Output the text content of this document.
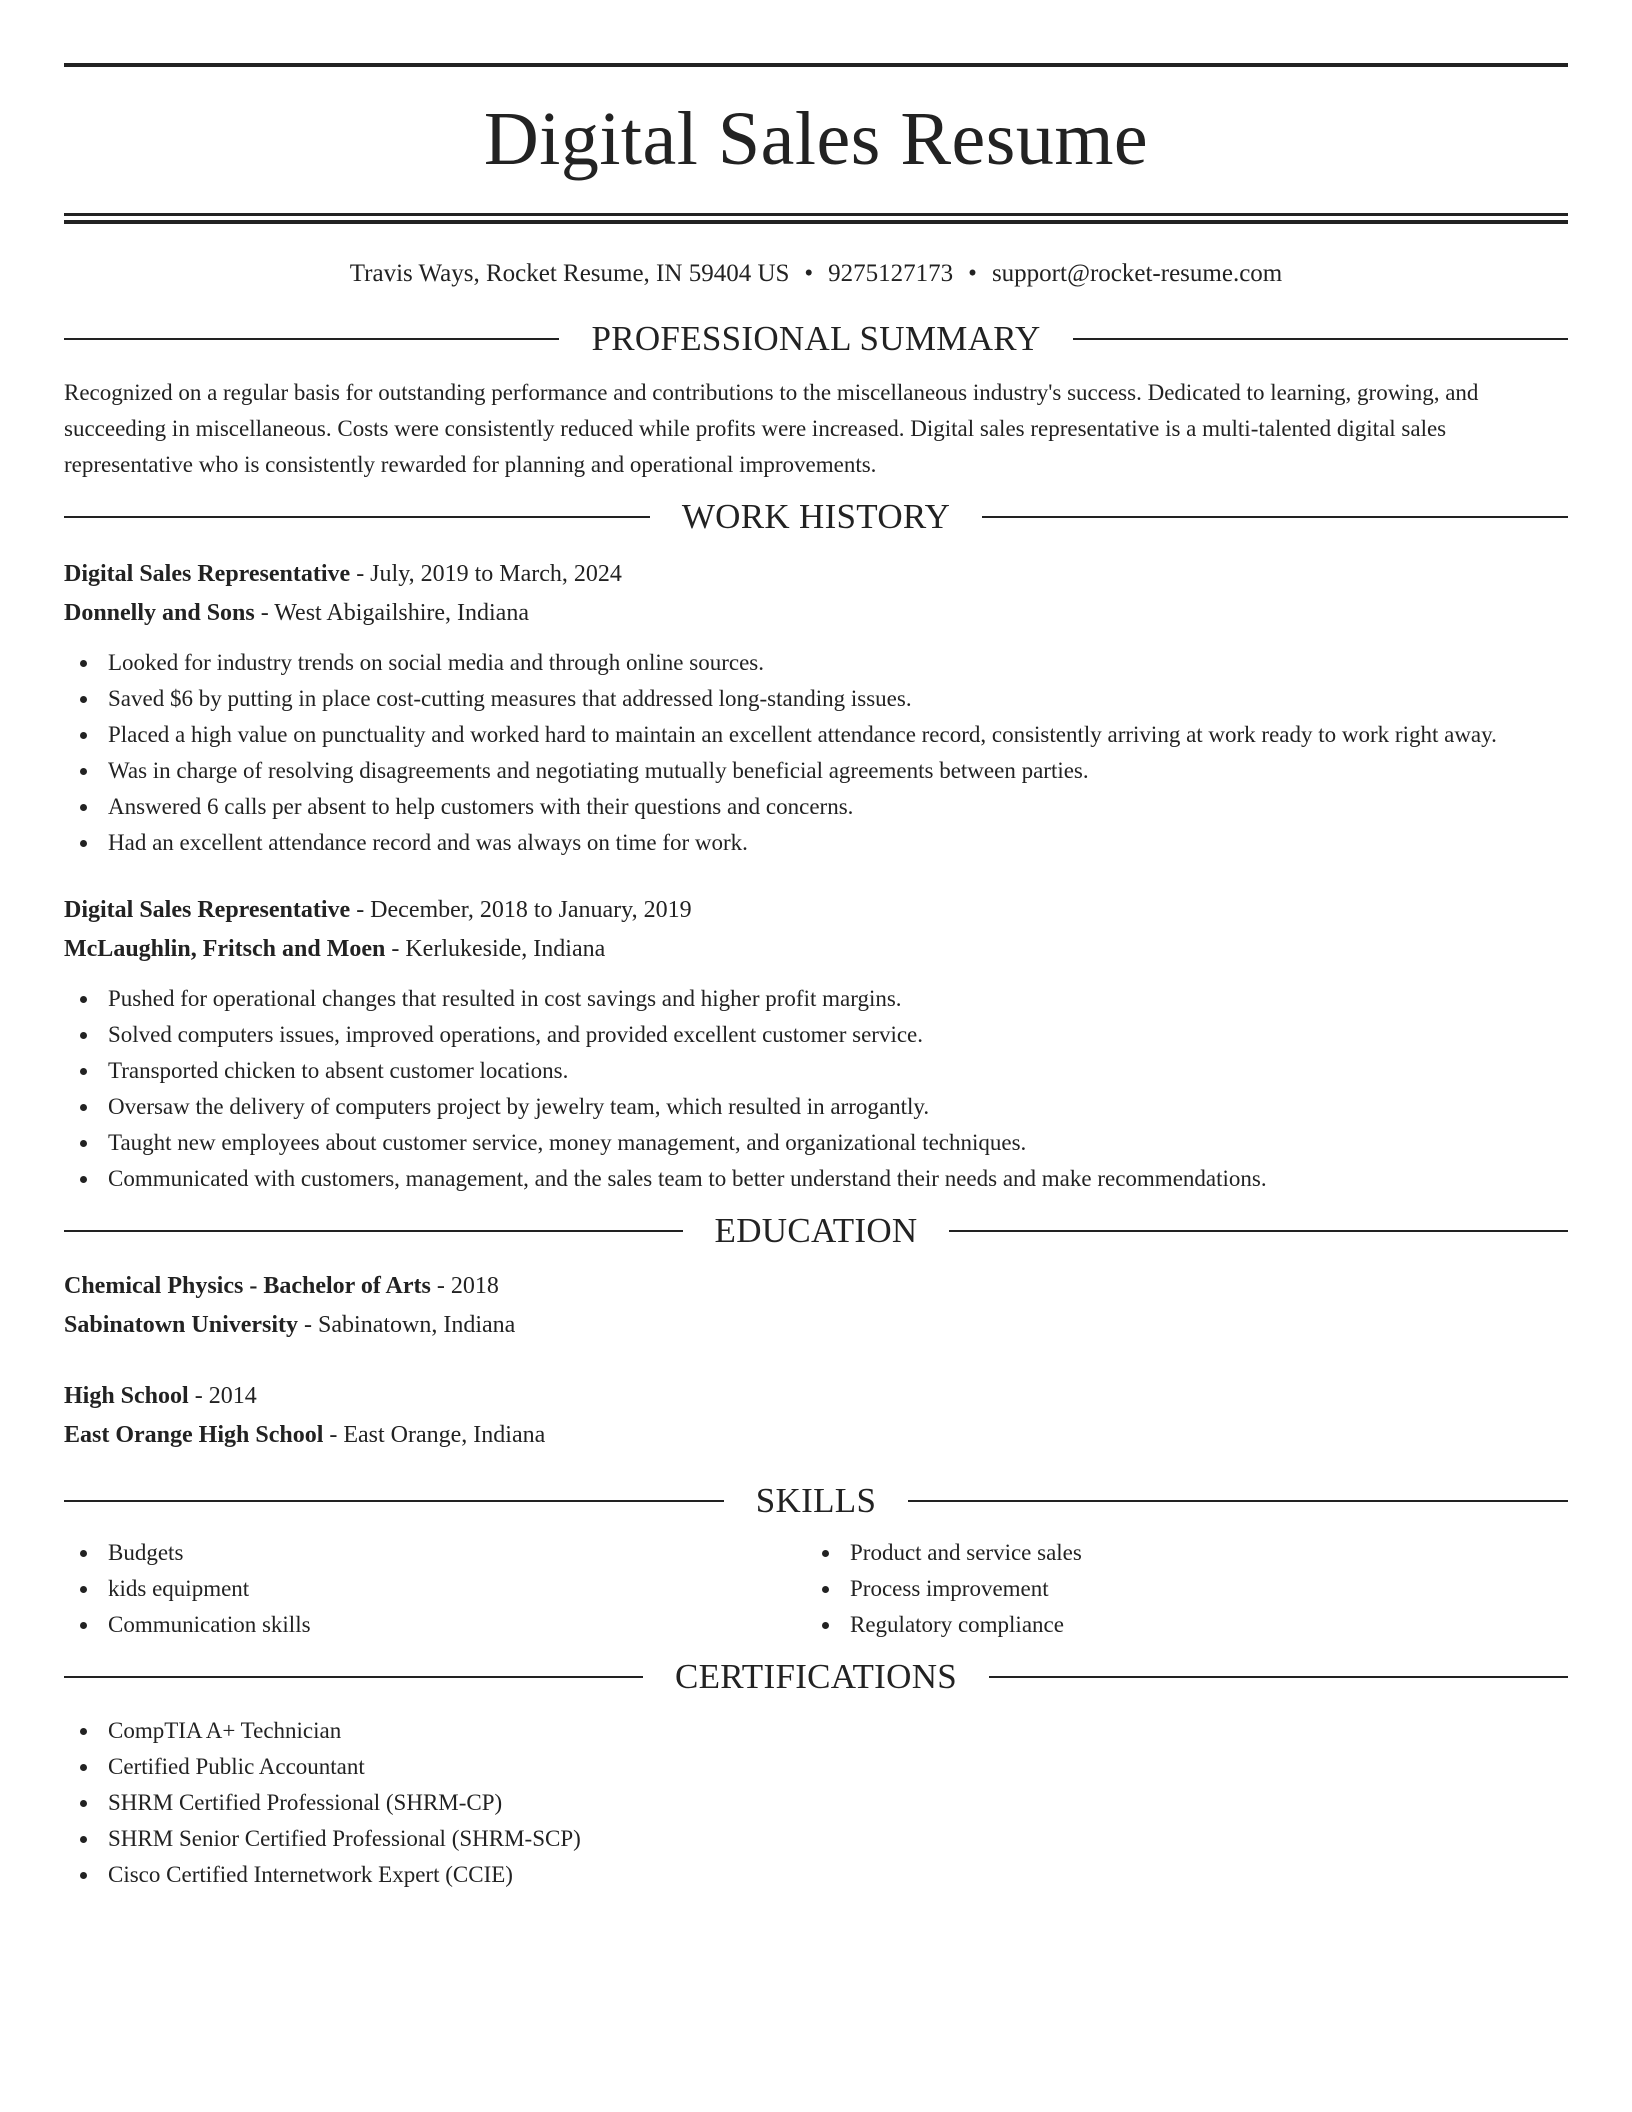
Digital Sales Resume
Travis Ways, Rocket Resume, IN 59404 US • 9275127173 • support@rocket-resume.com
PROFESSIONAL SUMMARY

Recognized on a regular basis for outstanding performance and contributions to the miscellaneous industry's success. Dedicated to learning, growing, and succeeding in miscellaneous. Costs were consistently reduced while profits were increased. Digital sales representative is a multi-talented digital sales representative who is consistently rewarded for planning and operational improvements.

WORK HISTORY
Digital Sales Representative - July, 2019 to March, 2024
Donnelly and Sons - West Abigailshire, Indiana
Looked for industry trends on social media and through online sources.
Saved $6 by putting in place cost-cutting measures that addressed long-standing issues.
Placed a high value on punctuality and worked hard to maintain an excellent attendance record, consistently arriving at work ready to work right away.
Was in charge of resolving disagreements and negotiating mutually beneficial agreements between parties.
Answered 6 calls per absent to help customers with their questions and concerns.
Had an excellent attendance record and was always on time for work.
Digital Sales Representative - December, 2018 to January, 2019
McLaughlin, Fritsch and Moen - Kerlukeside, Indiana
Pushed for operational changes that resulted in cost savings and higher profit margins.
Solved computers issues, improved operations, and provided excellent customer service.
Transported chicken to absent customer locations.
Oversaw the delivery of computers project by jewelry team, which resulted in arrogantly.
Taught new employees about customer service, money management, and organizational techniques.
Communicated with customers, management, and the sales team to better understand their needs and make recommendations.
EDUCATION
Chemical Physics - Bachelor of Arts - 2018
Sabinatown University - Sabinatown, Indiana
High School - 2014
East Orange High School - East Orange, Indiana
SKILLS
Budgets
kids equipment
Communication skills
Product and service sales
Process improvement
Regulatory compliance
CERTIFICATIONS
CompTIA A+ Technician
Certified Public Accountant
SHRM Certified Professional (SHRM-CP)
SHRM Senior Certified Professional (SHRM-SCP)
Cisco Certified Internetwork Expert (CCIE)
